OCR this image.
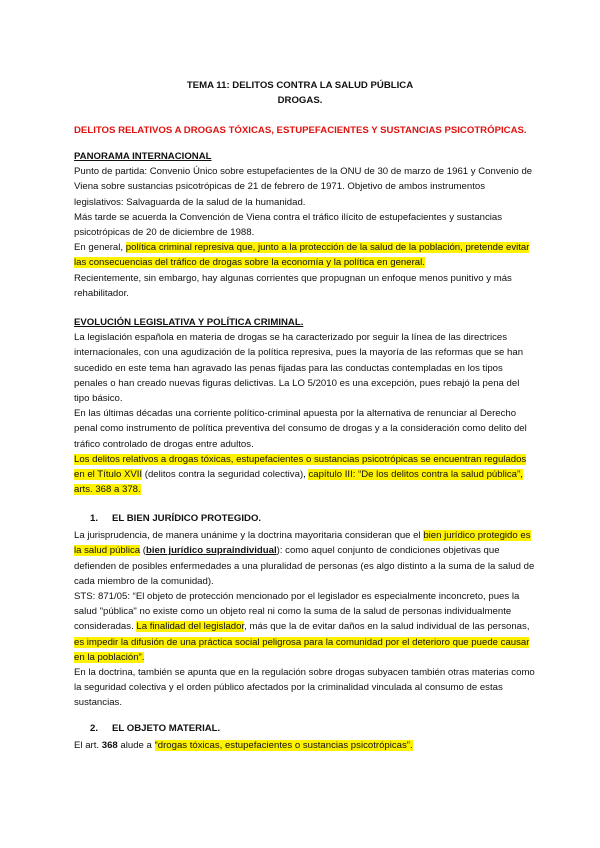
TEMA 11: DELITOS CONTRA LA SALUD PÚBLICA
DROGAS.
DELITOS RELATIVOS A DROGAS TÓXICAS, ESTUPEFACIENTES Y SUSTANCIAS PSICOTRÓPICAS.
PANORAMA INTERNACIONAL
Punto de partida: Convenio Único sobre estupefacientes de la ONU de 30 de marzo de 1961 y Convenio de Viena sobre sustancias psicotrópicas de 21 de febrero de 1971. Objetivo de ambos instrumentos legislativos: Salvaguarda de la salud de la humanidad.
Más tarde se acuerda la Convención de Viena contra el tráfico ilícito de estupefacientes y sustancias psicotrópicas de 20 de diciembre de 1988.
En general, política criminal represiva que, junto a la protección de la salud de la población, pretende evitar las consecuencias del tráfico de drogas sobre la economía y la política en general.
Recientemente, sin embargo, hay algunas corrientes que propugnan un enfoque menos punitivo y más rehabilitador.
EVOLUCIÓN LEGISLATIVA Y POLÍTICA CRIMINAL.
La legislación española en materia de drogas se ha caracterizado por seguir la línea de las directrices internacionales, con una agudización de la política represiva, pues la mayoría de las reformas que se han sucedido en este tema han agravado las penas fijadas para las conductas contempladas en los tipos penales o han creado nuevas figuras delictivas. La LO 5/2010 es una excepción, pues rebajó la pena del tipo básico.
En las últimas décadas una corriente político-criminal apuesta por la alternativa de renunciar al Derecho penal como instrumento de política preventiva del consumo de drogas y a la consideración como delito del tráfico controlado de drogas entre adultos.
Los delitos relativos a drogas tóxicas, estupefacientes o sustancias psicotrópicas se encuentran regulados en el Título XVII (delitos contra la seguridad colectiva), capítulo III: “De los delitos contra la salud pública”, arts. 368 a 378.
1. EL BIEN JURÍDICO PROTEGIDO.
La jurisprudencia, de manera unánime y la doctrina mayoritaria consideran que el bien jurídico protegido es la salud pública (bien jurídico supraindividual): como aquel conjunto de condiciones objetivas que defienden de posibles enfermedades a una pluralidad de personas (es algo distinto a la suma de la salud de cada miembro de la comunidad).
STS: 871/05: “El objeto de protección mencionado por el legislador es especialmente inconcreto, pues la salud "pública" no existe como un objeto real ni como la suma de la salud de personas individualmente consideradas. La finalidad del legislador, más que la de evitar daños en la salud individual de las personas, es impedir la difusión de una práctica social peligrosa para la comunidad por el deterioro que puede causar en la población”.
En la doctrina, también se apunta que en la regulación sobre drogas subyacen también otras materias como la seguridad colectiva y el orden público afectados por la criminalidad vinculada al consumo de estas sustancias.
2. EL OBJETO MATERIAL.
El art. 368 alude a “drogas tóxicas, estupefacientes o sustancias psicotrópicas”.
